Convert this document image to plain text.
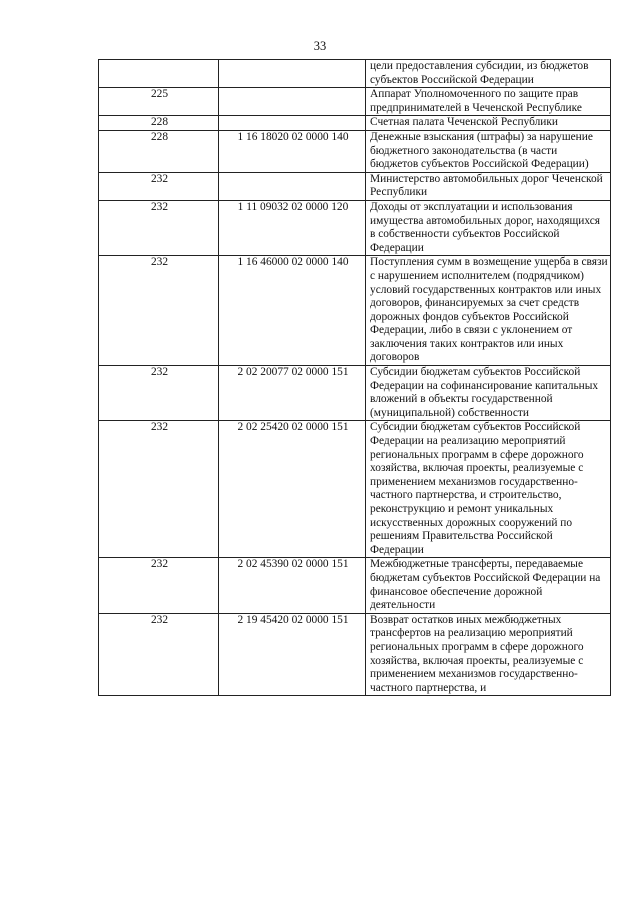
33
		цели предоставления субсидии, из бюджетов субъектов Российской Федерации
225		Аппарат Уполномоченного по защите прав предпринимателей в Чеченской Республике
228		Счетная палата Чеченской Республики
228	1 16 18020 02 0000 140	Денежные взыскания (штрафы) за нарушение бюджетного законодательства (в части бюджетов субъектов Российской Федерации)
232		Министерство автомобильных дорог Чеченской Республики
232	1 11 09032 02 0000 120	Доходы от эксплуатации и использования имущества автомобильных дорог, находящихся в собственности субъектов Российской Федерации
232	1 16 46000 02 0000 140	Поступления сумм в возмещение ущерба в связи с нарушением исполнителем (подрядчиком) условий государственных контрактов или иных договоров, финансируемых за счет средств дорожных фондов субъектов Российской Федерации, либо в связи с уклонением от заключения таких контрактов или иных договоров
232	2 02 20077 02 0000 151	Субсидии бюджетам субъектов Российской Федерации на софинансирование капитальных вложений в объекты государственной (муниципальной) собственности
232	2 02 25420 02 0000 151	Субсидии бюджетам субъектов Российской Федерации на реализацию мероприятий региональных программ в сфере дорожного хозяйства, включая проекты, реализуемые с применением механизмов государственно-частного партнерства, и строительство, реконструкцию и ремонт уникальных искусственных дорожных сооружений по решениям Правительства Российской Федерации
232	2 02 45390 02 0000 151	Межбюджетные трансферты, передаваемые бюджетам субъектов Российской Федерации на финансовое обеспечение дорожной деятельности
232	2 19 45420 02 0000 151	Возврат остатков иных межбюджетных трансфертов на реализацию мероприятий региональных программ в сфере дорожного хозяйства, включая проекты, реализуемые с применением механизмов государственно-частного партнерства, и
